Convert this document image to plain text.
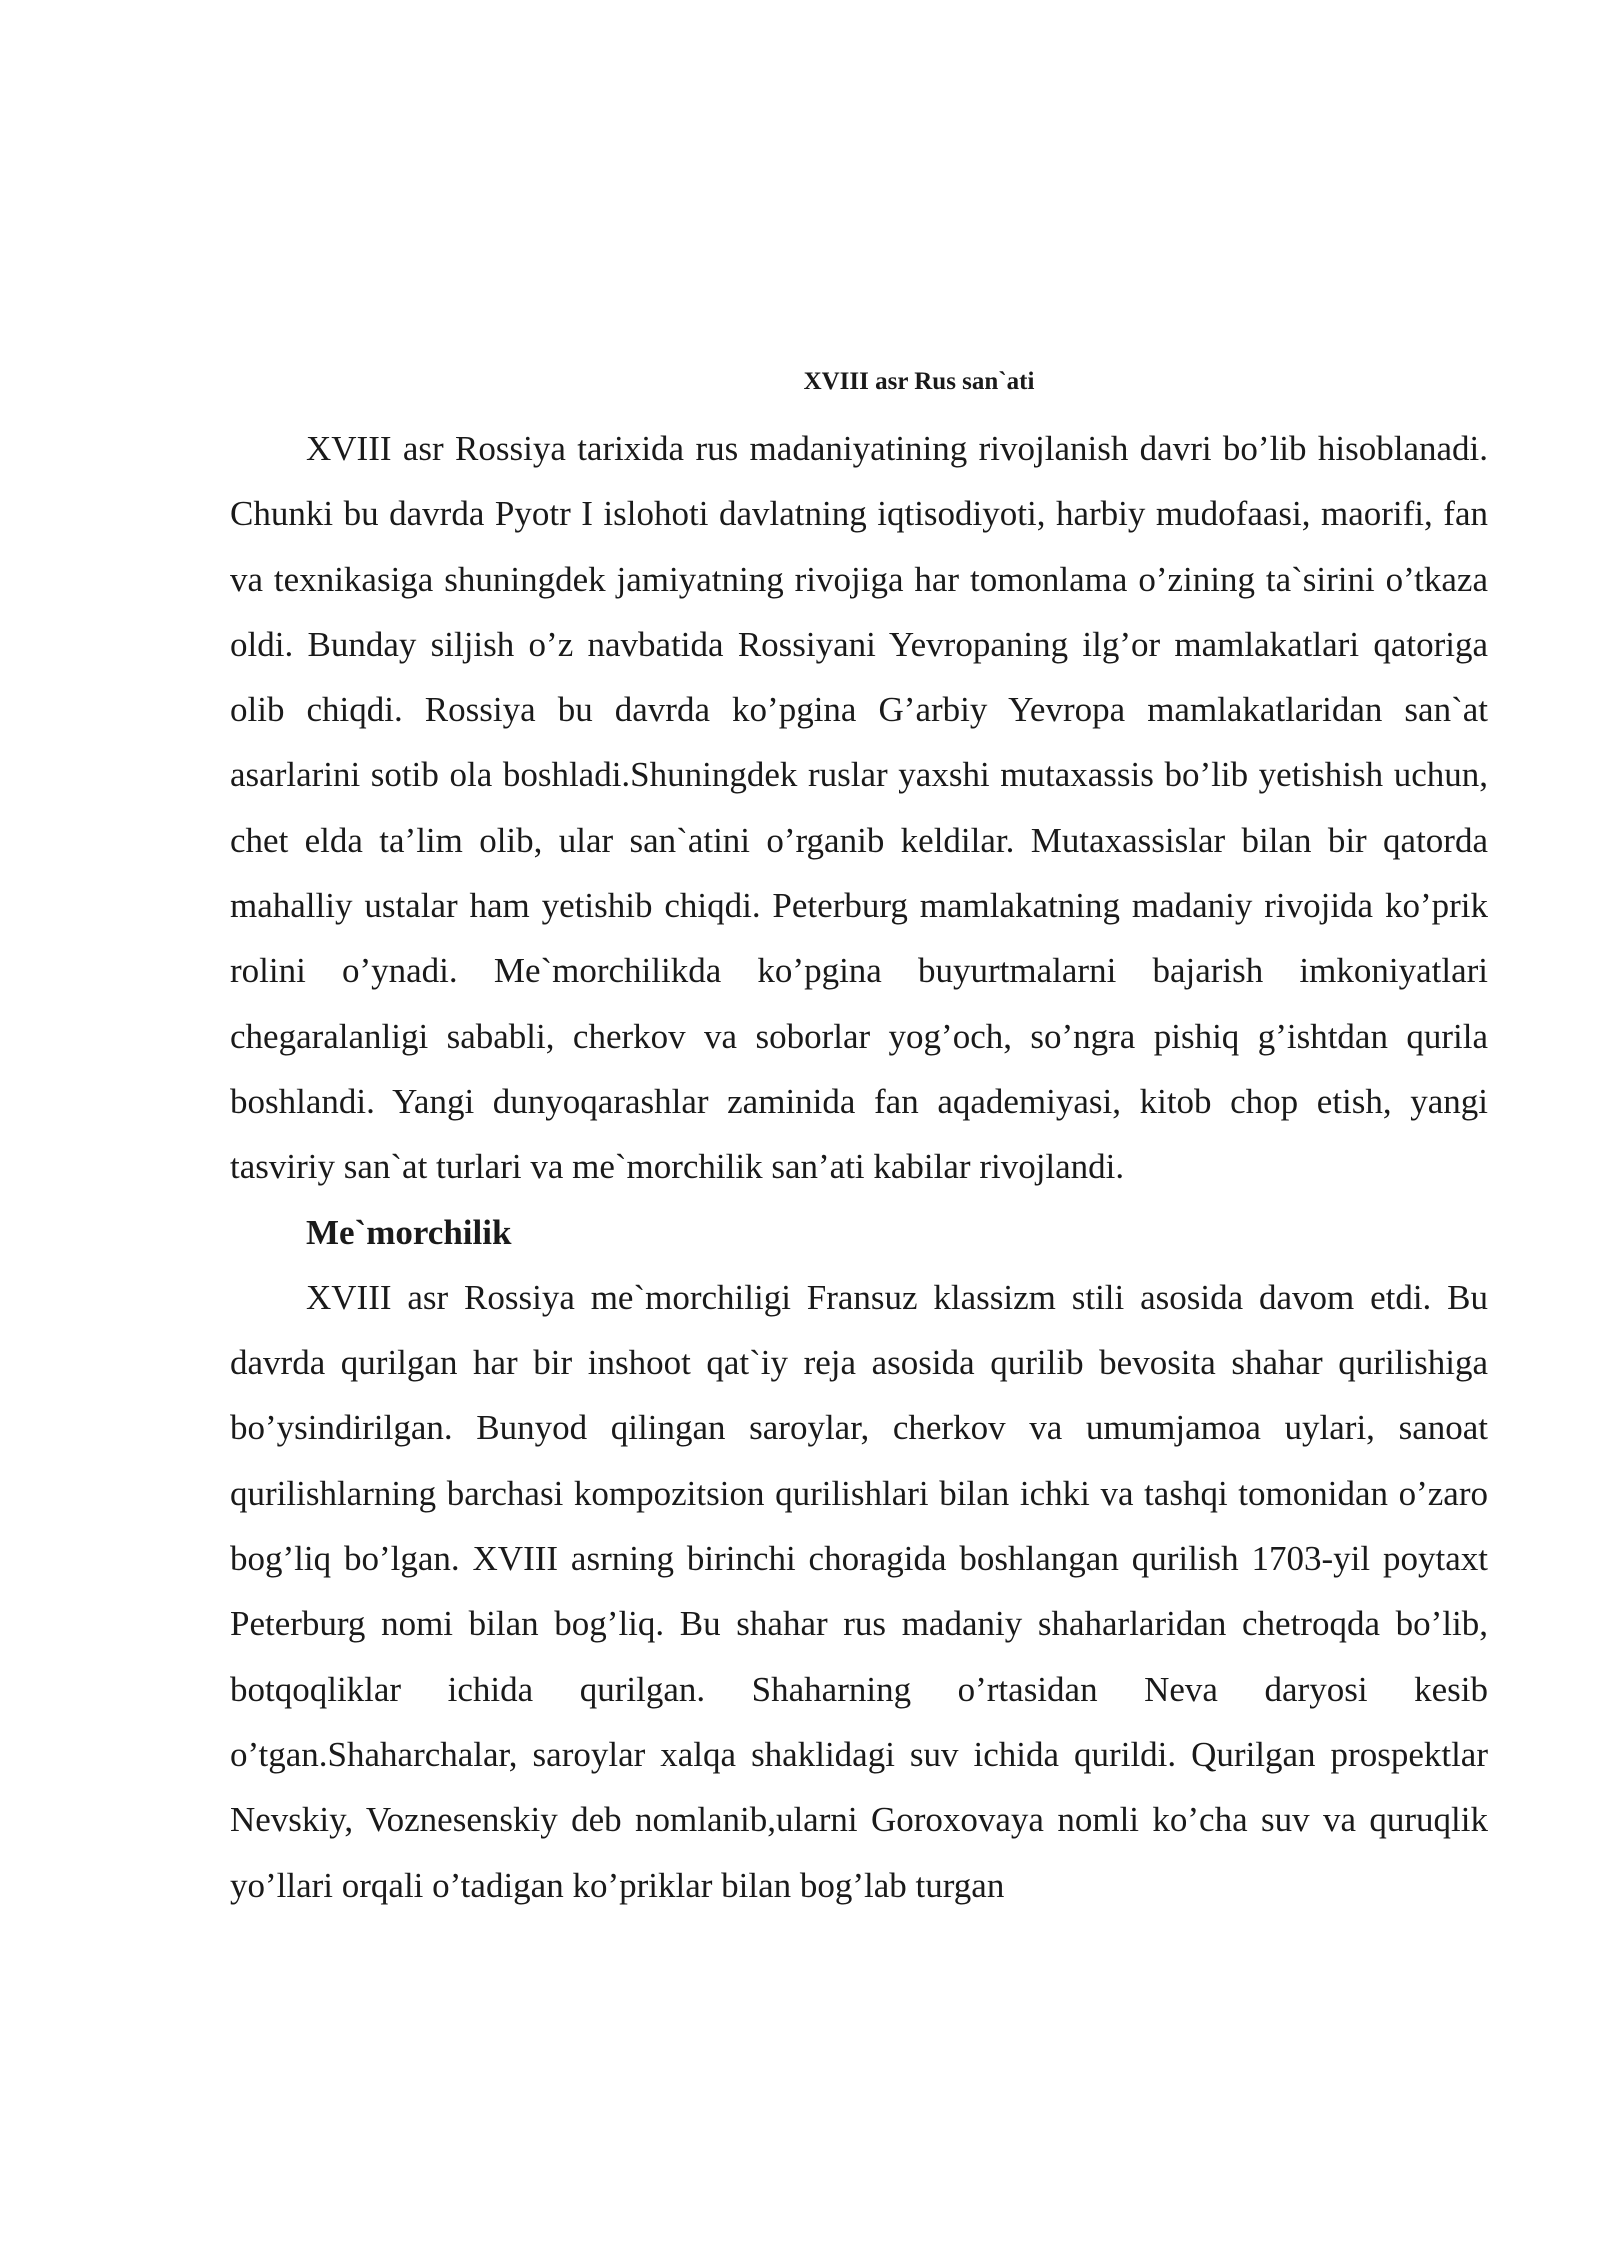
XVIII asr Rus san`ati

XVIII asr Rossiya tarixida rus madaniyatining rivojlanish davri bo’lib hisoblanadi. Chunki bu davrda Pyotr I islohoti davlatning iqtisodiyoti, harbiy mudofaasi, maorifi, fan va texnikasiga shuningdek jamiyatning rivojiga har tomonlama o’zining ta`sirini o’tkaza oldi. Bunday siljish o’z navbatida Rossiyani Yevropaning ilg’or mamlakatlari qatoriga olib chiqdi. Rossiya bu davrda ko’pgina G’arbiy Yevropa mamlakatlaridan san`at asarlarini sotib ola boshladi.Shuningdek ruslar yaxshi mutaxassis bo’lib yetishish uchun, chet elda ta’lim olib, ular san`atini o’rganib keldilar. Mutaxassislar bilan bir qatorda mahalliy ustalar ham yetishib chiqdi. Peterburg mamlakatning madaniy rivojida ko’prik rolini o’ynadi. Me`morchilikda ko’pgina buyurtmalarni bajarish imkoniyatlari chegaralanligi sababli, cherkov va soborlar yog’och, so’ngra pishiq g’ishtdan qurila boshlandi. Yangi dunyoqarashlar zaminida fan aqademiyasi, kitob chop etish, yangi tasviriy san`at turlari va me`morchilik san’ati kabilar rivojlandi.

Me`morchilik

XVIII asr Rossiya me`morchiligi Fransuz klassizm stili asosida davom etdi. Bu davrda qurilgan har bir inshoot qat`iy reja asosida qurilib bevosita shahar qurilishiga bo’ysindirilgan. Bunyod qilingan saroylar, cherkov va umumjamoa uylari, sanoat qurilishlarning barchasi kompozitsion qurilishlari bilan ichki va tashqi tomonidan o’zaro bog’liq bo’lgan. XVIII asrning birinchi choragida boshlangan qurilish 1703-yil poytaxt Peterburg nomi bilan bog’liq. Bu shahar rus madaniy shaharlaridan chetroqda bo’lib, botqoqliklar ichida qurilgan. Shaharning o’rtasidan Neva daryosi kesib o’tgan.Shaharchalar, saroylar xalqa shaklidagi suv ichida qurildi. Qurilgan prospektlar Nevskiy, Voznesenskiy deb nomlanib,ularni Goroxovaya nomli ko’cha suv va quruqlik yo’llari orqali o’tadigan ko’priklar bilan bog’lab turgan
